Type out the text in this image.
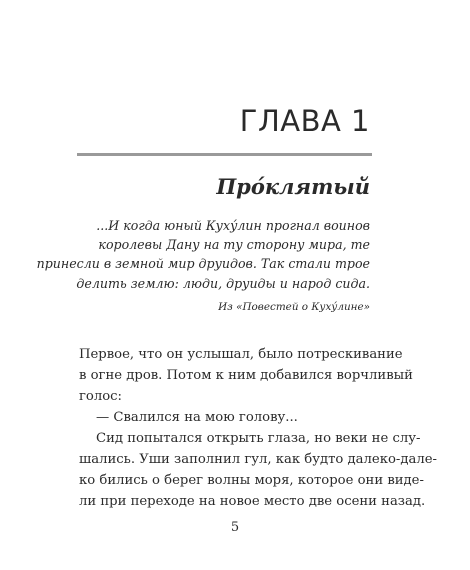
ГЛАВА 1
Про́клятый
...И когда юный Куху́лин прогнал воинов
королевы Дану на ту сторону мира, те
принесли в земной мир друидов. Так стали трое
делить землю: люди, друиды и народ сида.
Из «Повестей о Куху́лине»
Первое, что он услышал, было потрескивание
в огне дров. Потом к ним добавился ворчливый
голос:
— Свалился на мою голову...
Сид попытался открыть глаза, но веки не слу-
шались. Уши заполнил гул, как будто далеко-дале-
ко бились о берег волны моря, которое они виде-
ли при переходе на новое место две осени назад.
5
